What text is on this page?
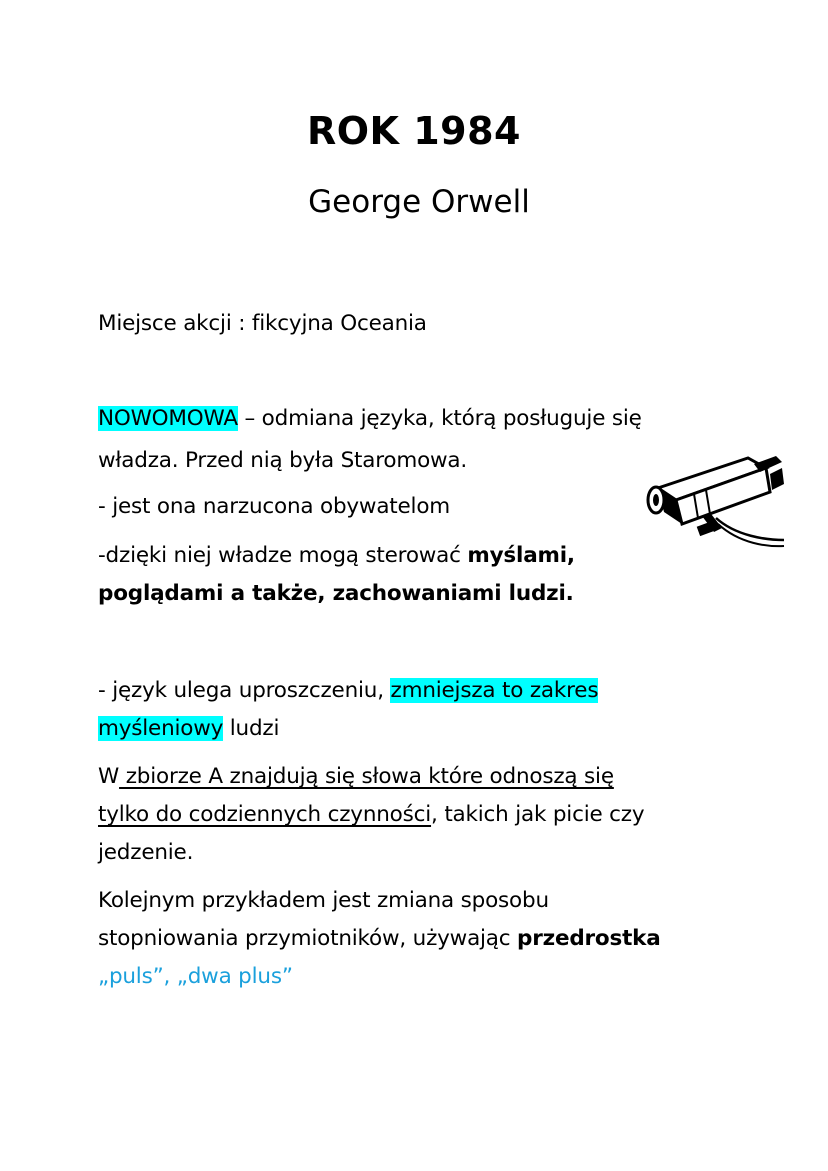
ROK 1984
George Orwell
Miejsce akcji : fikcyjna Oceania
NOWOMOWA – odmiana języka, którą posługuje się
władza. Przed nią była Staromowa.
- jest ona narzucona obywatelom
-dzięki niej władze mogą sterować myślami,
poglądami a także, zachowaniami ludzi.
- język ulega uproszczeniu, zmniejsza to zakres
myśleniowy ludzi
W zbiorze A znajdują się słowa które odnoszą się
tylko do codziennych czynności, takich jak picie czy
jedzenie.
Kolejnym przykładem jest zmiana sposobu
stopniowania przymiotników, używając przedrostka
„puls”, „dwa plus”
